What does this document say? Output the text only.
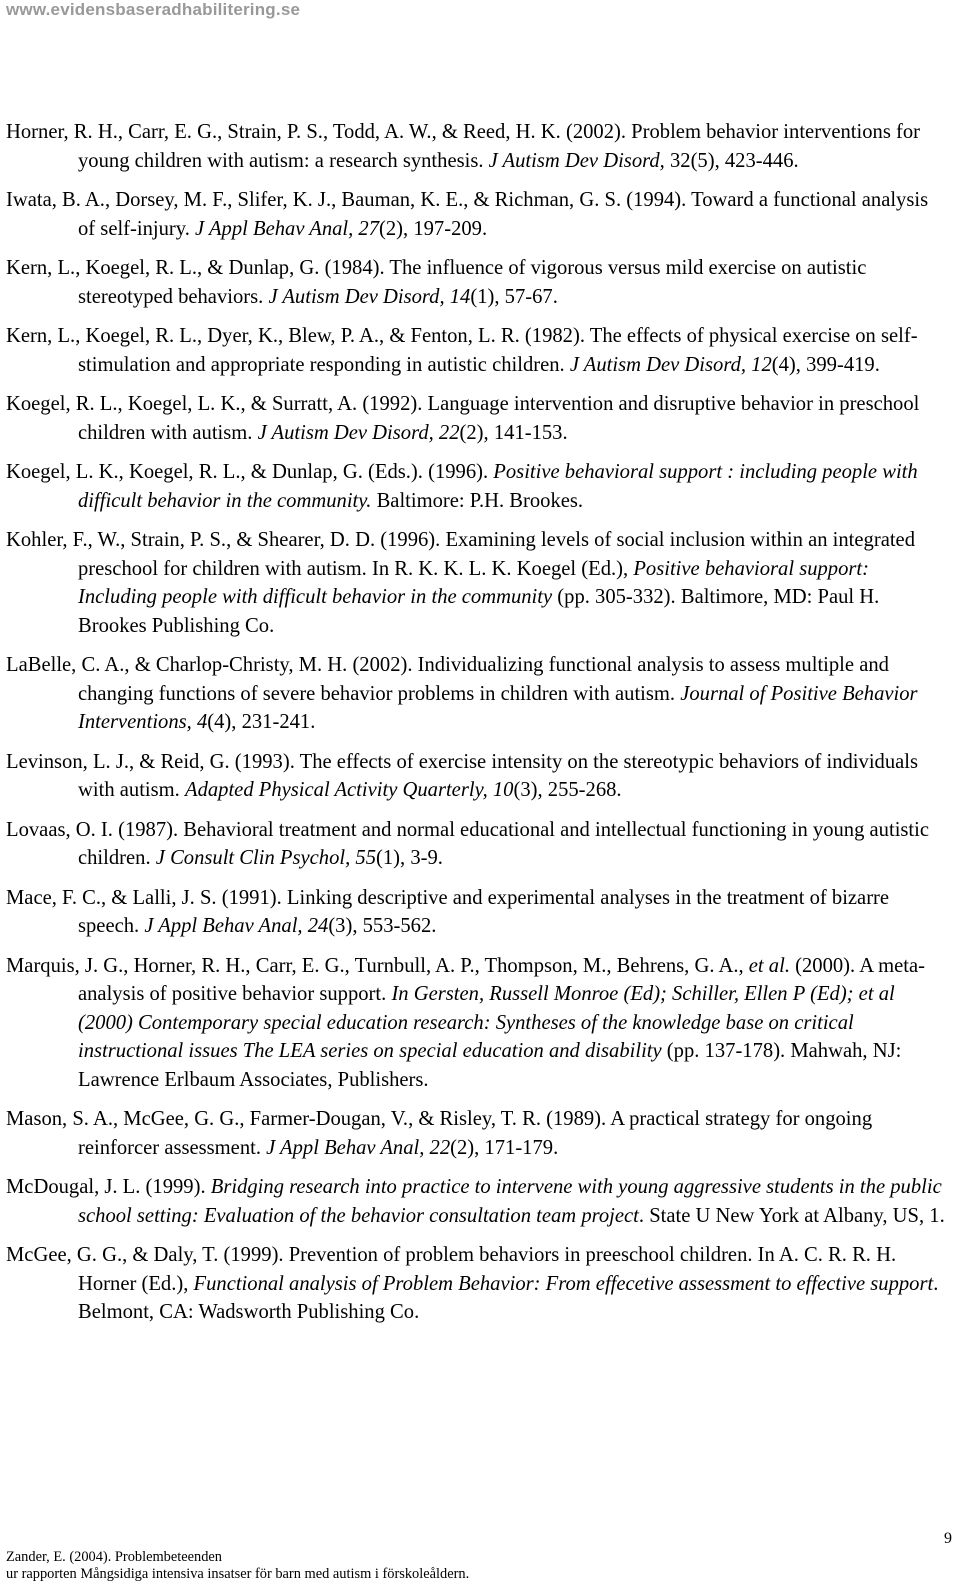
www.evidensbaseradhabilitering.se

Horner, R. H., Carr, E. G., Strain, P. S., Todd, A. W., & Reed, H. K. (2002). Problem behavior interventions for young children with autism: a research synthesis. J Autism Dev Disord, 32(5), 423-446.

Iwata, B. A., Dorsey, M. F., Slifer, K. J., Bauman, K. E., & Richman, G. S. (1994). Toward a functional analysis of self-injury. J Appl Behav Anal, 27(2), 197-209.

Kern, L., Koegel, R. L., & Dunlap, G. (1984). The influence of vigorous versus mild exercise on autistic stereotyped behaviors. J Autism Dev Disord, 14(1), 57-67.

Kern, L., Koegel, R. L., Dyer, K., Blew, P. A., & Fenton, L. R. (1982). The effects of physical exercise on self-stimulation and appropriate responding in autistic children. J Autism Dev Disord, 12(4), 399-419.

Koegel, R. L., Koegel, L. K., & Surratt, A. (1992). Language intervention and disruptive behavior in preschool children with autism. J Autism Dev Disord, 22(2), 141-153.

Koegel, L. K., Koegel, R. L., & Dunlap, G. (Eds.). (1996). Positive behavioral support : including people with difficult behavior in the community. Baltimore: P.H. Brookes.

Kohler, F., W., Strain, P. S., & Shearer, D. D. (1996). Examining levels of social inclusion within an integrated preschool for children with autism. In R. K. K. L. K. Koegel (Ed.), Positive behavioral support: Including people with difficult behavior in the community (pp. 305-332). Baltimore, MD: Paul H. Brookes Publishing Co.

LaBelle, C. A., & Charlop-Christy, M. H. (2002). Individualizing functional analysis to assess multiple and changing functions of severe behavior problems in children with autism. Journal of Positive Behavior Interventions, 4(4), 231-241.

Levinson, L. J., & Reid, G. (1993). The effects of exercise intensity on the stereotypic behaviors of individuals with autism. Adapted Physical Activity Quarterly, 10(3), 255-268.

Lovaas, O. I. (1987). Behavioral treatment and normal educational and intellectual functioning in young autistic children. J Consult Clin Psychol, 55(1), 3-9.

Mace, F. C., & Lalli, J. S. (1991). Linking descriptive and experimental analyses in the treatment of bizarre speech. J Appl Behav Anal, 24(3), 553-562.

Marquis, J. G., Horner, R. H., Carr, E. G., Turnbull, A. P., Thompson, M., Behrens, G. A., et al. (2000). A meta-analysis of positive behavior support. In Gersten, Russell Monroe (Ed); Schiller, Ellen P (Ed); et al (2000) Contemporary special education research: Syntheses of the knowledge base on critical instructional issues The LEA series on special education and disability (pp. 137-178). Mahwah, NJ: Lawrence Erlbaum Associates, Publishers.

Mason, S. A., McGee, G. G., Farmer-Dougan, V., & Risley, T. R. (1989). A practical strategy for ongoing reinforcer assessment. J Appl Behav Anal, 22(2), 171-179.

McDougal, J. L. (1999). Bridging research into practice to intervene with young aggressive students in the public school setting: Evaluation of the behavior consultation team project. State U New York at Albany, US, 1.

McGee, G. G., & Daly, T. (1999). Prevention of problem behaviors in preeschool children. In A. C. R. R. H. Horner (Ed.), Functional analysis of Problem Behavior: From effecetive assessment to effective support. Belmont, CA: Wadsworth Publishing Co.

9
Zander, E. (2004). Problembeteenden
ur rapporten Mångsidiga intensiva insatser för barn med autism i förskoleåldern.
